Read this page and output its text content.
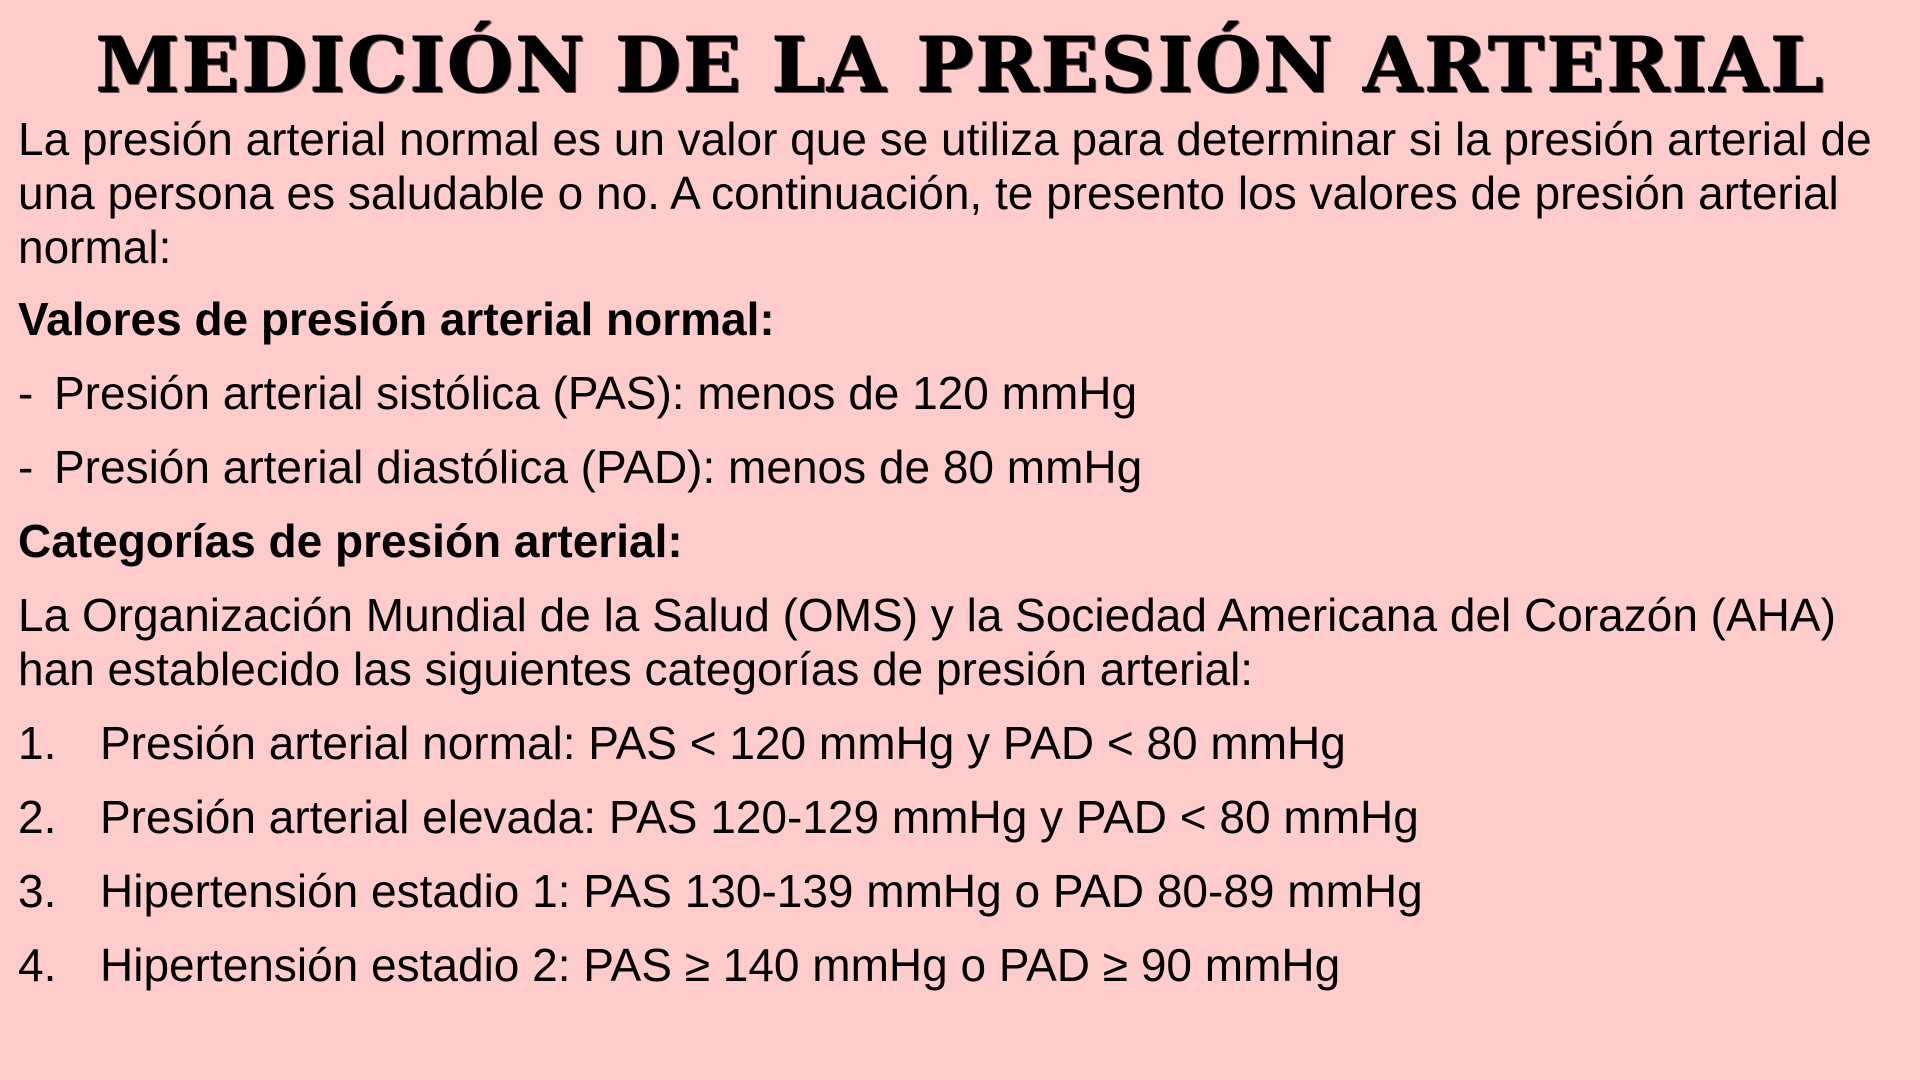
MEDICIÓN DE LA PRESIÓN ARTERIAL

La presión arterial normal es un valor que se utiliza para determinar si la presión arterial de una persona es saludable o no. A continuación, te presento los valores de presión arterial normal:

Valores de presión arterial normal:
- Presión arterial sistólica (PAS): menos de 120 mmHg
- Presión arterial diastólica (PAD): menos de 80 mmHg
Categorías de presión arterial:

La Organización Mundial de la Salud (OMS) y la Sociedad Americana del Corazón (AHA) han establecido las siguientes categorías de presión arterial:

1. Presión arterial normal: PAS < 120 mmHg y PAD < 80 mmHg
2. Presión arterial elevada: PAS 120-129 mmHg y PAD < 80 mmHg
3. Hipertensión estadio 1: PAS 130-139 mmHg o PAD 80-89 mmHg
4. Hipertensión estadio 2: PAS ≥ 140 mmHg o PAD ≥ 90 mmHg
